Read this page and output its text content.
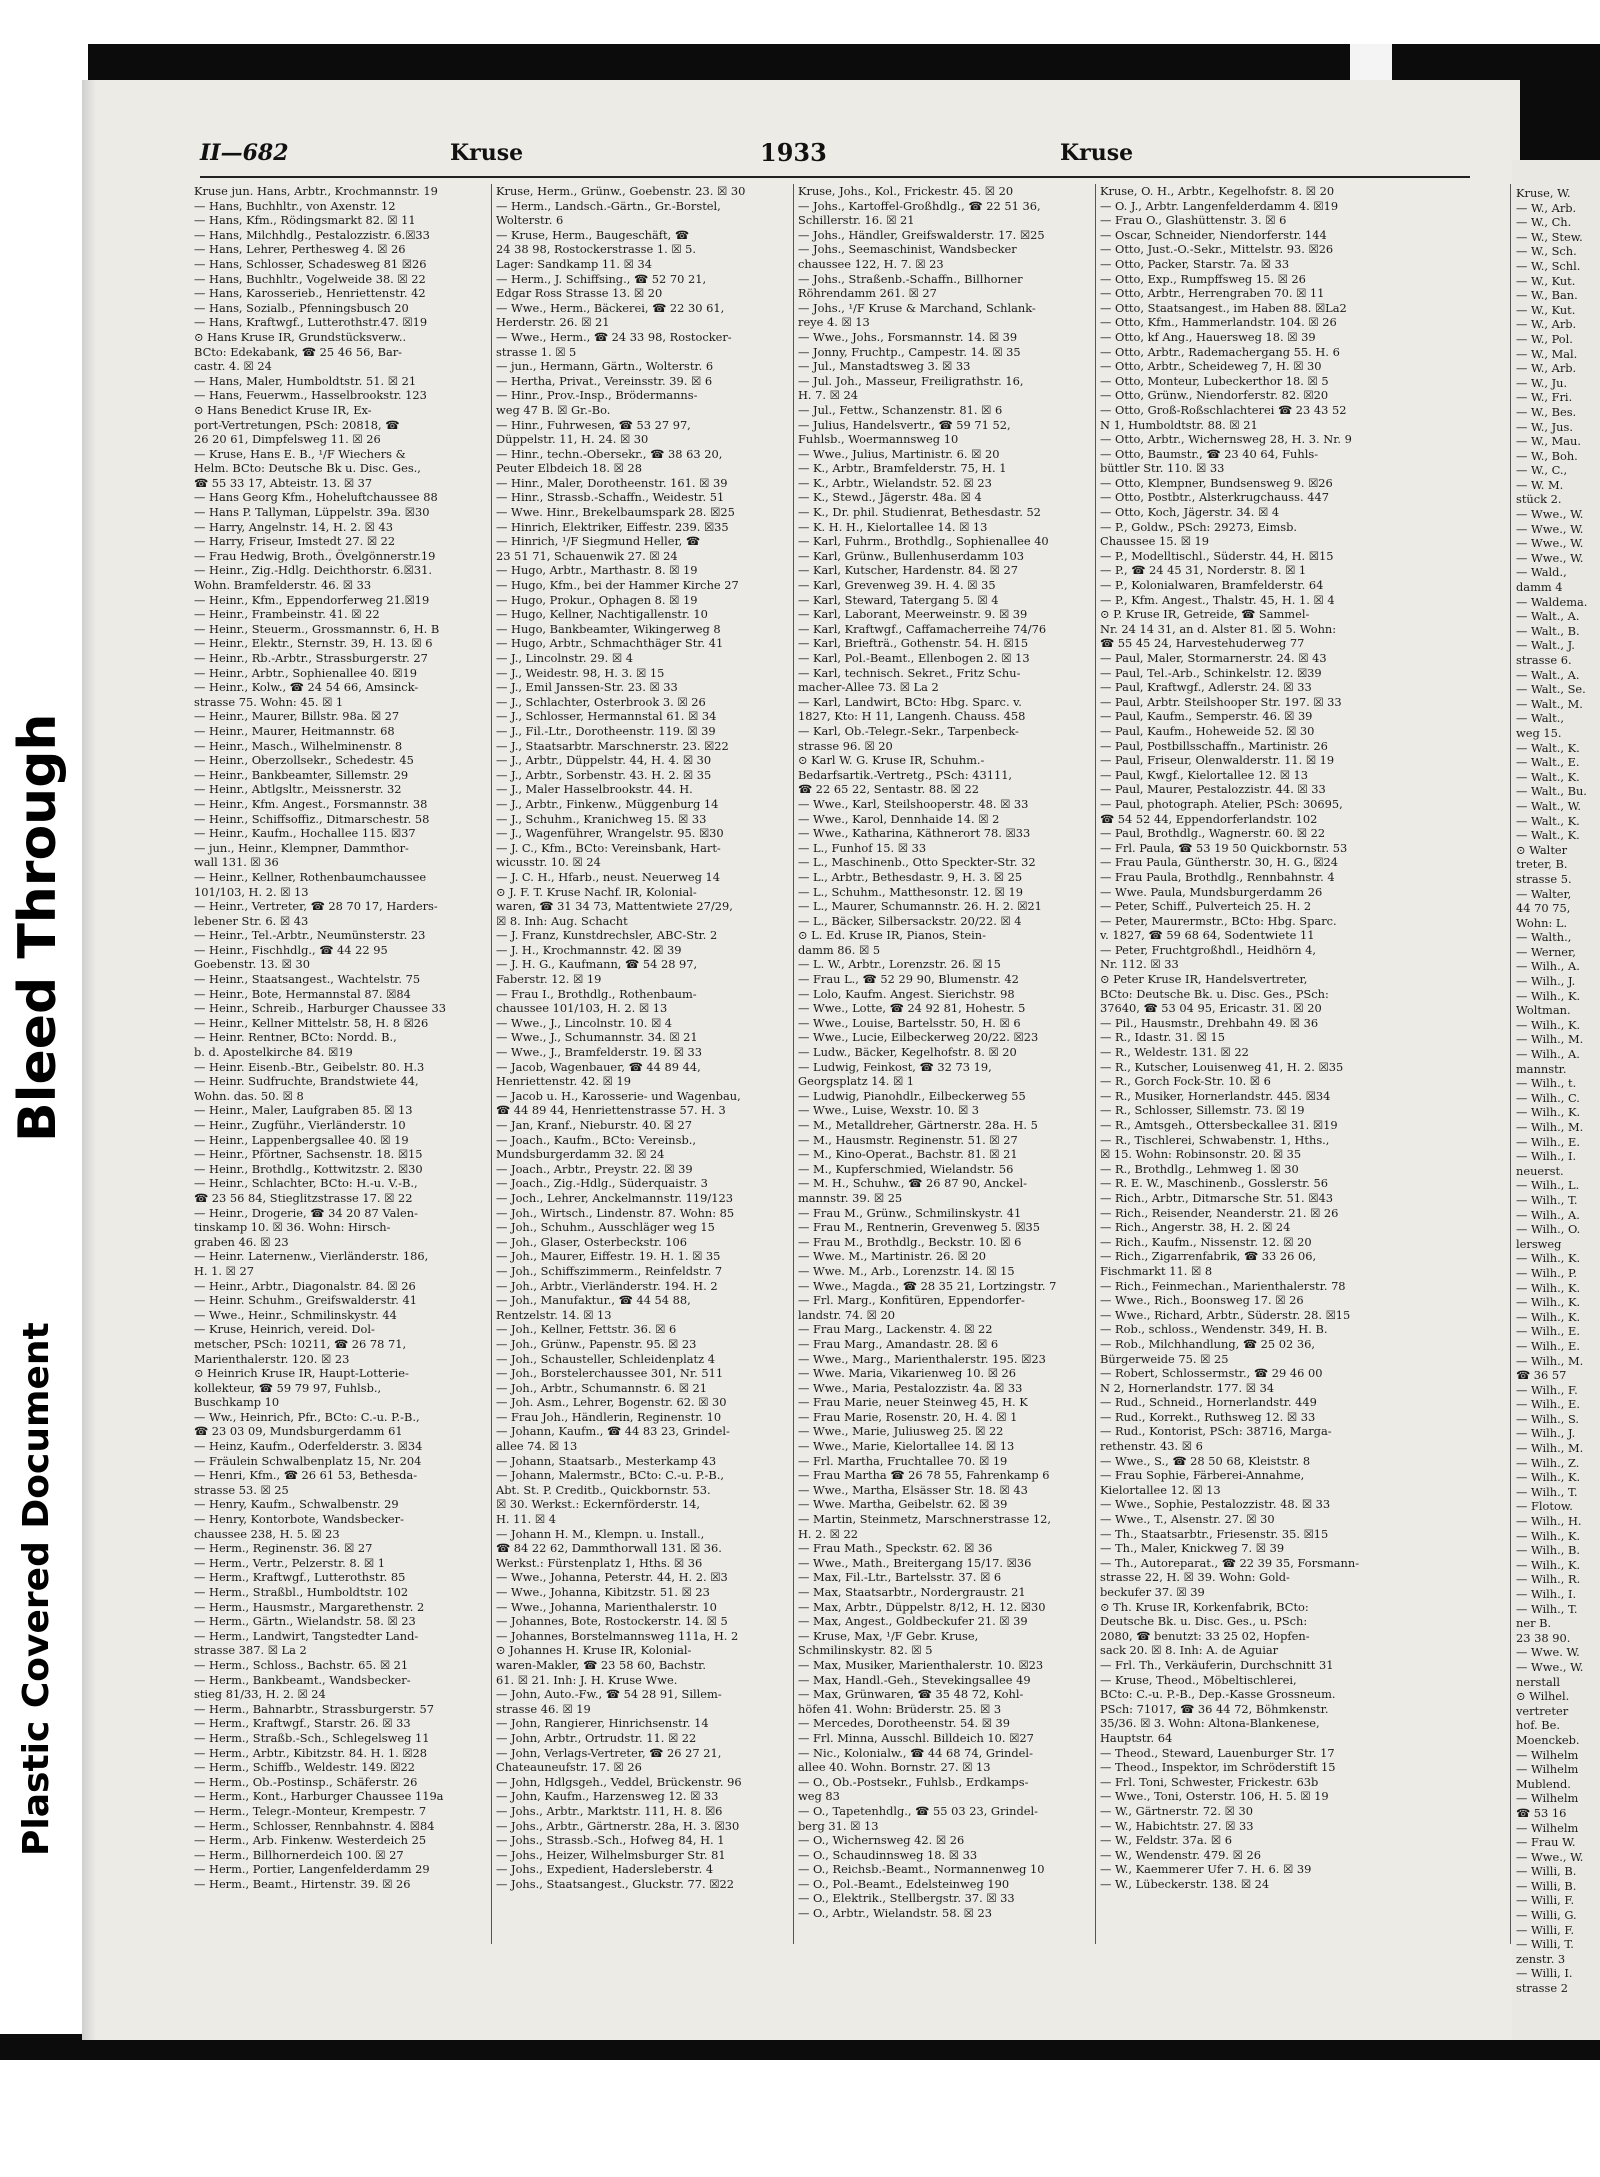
Bleed Through
Plastic Covered Document
II—682	Kruse	1933	Kruse
Kruse jun. Hans, Arbtr., Krochmannstr. 19
— Hans, Buchhltr., von Axenstr. 12
— Hans, Kfm., Rödingsmarkt 82. ☒ 11
— Hans, Milchhdlg., Pestalozzistr. 6.☒33
— Hans, Lehrer, Perthesweg 4. ☒ 26
— Hans, Schlosser, Schadesweg 81 ☒26
— Hans, Buchhltr., Vogelweide 38. ☒ 22
— Hans, Karosserieb., Henriettenstr. 42
— Hans, Sozialb., Pfenningsbusch 20
— Hans, Kraftwgf., Lutterothstr.47. ☒19
⊙ Hans Kruse IR, Grundstücksverw..
BCto: Edekabank, ☎ 25 46 56, Bar-
castr. 4. ☒ 24
— Hans, Maler, Humboldtstr. 51. ☒ 21
— Hans, Feuerwm., Hasselbrookstr. 123
⊙ Hans Benedict Kruse IR, Ex-
port-Vertretungen, PSch: 20818, ☎
26 20 61, Dimpfelsweg 11. ☒ 26
— Kruse, Hans E. B., ¹/F Wiechers &
Helm. BCto: Deutsche Bk u. Disc. Ges.,
☎ 55 33 17, Abteistr. 13. ☒ 37
— Hans Georg Kfm., Hoheluftchaussee 88
— Hans P. Tallyman, Lüppelstr. 39a. ☒30
— Harry, Angelnstr. 14, H. 2. ☒ 43
— Harry, Friseur, Imstedt 27. ☒ 22
— Frau Hedwig, Broth., Övelgönnerstr.19
— Heinr., Zig.-Hdlg. Deichthorstr. 6.☒31.
Wohn. Bramfelderstr. 46. ☒ 33
— Heinr., Kfm., Eppendorferweg 21.☒19
— Heinr., Frambeinstr. 41. ☒ 22
— Heinr., Steuerm., Grossmannstr. 6, H. B
— Heinr., Elektr., Sternstr. 39, H. 13. ☒ 6
— Heinr., Rb.-Arbtr., Strassburgerstr. 27
— Heinr., Arbtr., Sophienallee 40. ☒19
— Heinr., Kolw., ☎ 24 54 66, Amsinck-
strasse 75. Wohn: 45. ☒ 1
— Heinr., Maurer, Billstr. 98a. ☒ 27
— Heinr., Maurer, Heitmannstr. 68
— Heinr., Masch., Wilhelminenstr. 8
— Heinr., Oberzollsekr., Schedestr. 45
— Heinr., Bankbeamter, Sillemstr. 29
— Heinr., Abtlgsltr., Meissnerstr. 32
— Heinr., Kfm. Angest., Forsmannstr. 38
— Heinr., Schiffsoffiz., Ditmarschestr. 58
— Heinr., Kaufm., Hochallee 115. ☒37
— jun., Heinr., Klempner, Dammthor-
wall 131. ☒ 36
— Heinr., Kellner, Rothenbaumchaussee
101/103, H. 2. ☒ 13
— Heinr., Vertreter, ☎ 28 70 17, Harders-
lebener Str. 6. ☒ 43
— Heinr., Tel.-Arbtr., Neumünsterstr. 23
— Heinr., Fischhdlg., ☎ 44 22 95
Goebenstr. 13. ☒ 30
— Heinr., Staatsangest., Wachtelstr. 75
— Heinr., Bote, Hermannstal 87. ☒84
— Heinr., Schreib., Harburger Chaussee 33
— Heinr., Kellner Mittelstr. 58, H. 8 ☒26
— Heinr. Rentner, BCto: Nordd. B.,
b. d. Apostelkirche 84. ☒19
— Heinr. Eisenb.-Btr., Geibelstr. 80. H.3
— Heinr. Sudfruchte, Brandstwiete 44,
Wohn. das. 50. ☒ 8
— Heinr., Maler, Laufgraben 85. ☒ 13
— Heinr., Zugführ., Vierländerstr. 10
— Heinr., Lappenbergsallee 40. ☒ 19
— Heinr., Pförtner, Sachsenstr. 18. ☒15
— Heinr., Brothdlg., Kottwitzstr. 2. ☒30
— Heinr., Schlachter, BCto: H.-u. V.-B.,
☎ 23 56 84, Stieglitzstrasse 17. ☒ 22
— Heinr., Drogerie, ☎ 34 20 87 Valen-
tinskamp 10. ☒ 36. Wohn: Hirsch-
graben 46. ☒ 23
— Heinr. Laternenw., Vierländerstr. 186,
H. 1. ☒ 27
— Heinr., Arbtr., Diagonalstr. 84. ☒ 26
— Heinr. Schuhm., Greifswalderstr. 41
— Wwe., Heinr., Schmilinskystr. 44
— Kruse, Heinrich, vereid. Dol-
metscher, PSch: 10211, ☎ 26 78 71,
Marienthalerstr. 120. ☒ 23
⊙ Heinrich Kruse IR, Haupt-Lotterie-
kollekteur, ☎ 59 79 97, Fuhlsb.,
Buschkamp 10
— Ww., Heinrich, Pfr., BCto: C.-u. P.-B.,
☎ 23 03 09, Mundsburgerdamm 61
— Heinz, Kaufm., Oderfelderstr. 3. ☒34
— Fräulein Schwalbenplatz 15, Nr. 204
— Henri, Kfm., ☎ 26 61 53, Bethesda-
strasse 53. ☒ 25
— Henry, Kaufm., Schwalbenstr. 29
— Henry, Kontorbote, Wandsbecker-
chaussee 238, H. 5. ☒ 23
— Herm., Reginenstr. 36. ☒ 27
— Herm., Vertr., Pelzerstr. 8. ☒ 1
— Herm., Kraftwgf., Lutterothstr. 85
— Herm., Straßbl., Humboldtstr. 102
— Herm., Hausmstr., Margarethenstr. 2
— Herm., Gärtn., Wielandstr. 58. ☒ 23
— Herm., Landwirt, Tangstedter Land-
strasse 387. ☒ La 2
— Herm., Schloss., Bachstr. 65. ☒ 21
— Herm., Bankbeamt., Wandsbecker-
stieg 81/33, H. 2. ☒ 24
— Herm., Bahnarbtr., Strassburgerstr. 57
— Herm., Kraftwgf., Starstr. 26. ☒ 33
— Herm., Straßb.-Sch., Schlegelsweg 11
— Herm., Arbtr., Kibitzstr. 84. H. 1. ☒28
— Herm., Schiffb., Weldestr. 149. ☒22
— Herm., Ob.-Postinsp., Schäferstr. 26
— Herm., Kont., Harburger Chaussee 119a
— Herm., Telegr.-Monteur, Krempestr. 7
— Herm., Schlosser, Rennbahnstr. 4. ☒84
— Herm., Arb. Finkenw. Westerdeich 25
— Herm., Billhornerdeich 100. ☒ 27
— Herm., Portier, Langenfelderdamm 29
— Herm., Beamt., Hirtenstr. 39. ☒ 26
Kruse, Herm., Grünw., Goebenstr. 23. ☒ 30
— Herm., Landsch.-Gärtn., Gr.-Borstel,
Wolterstr. 6
— Kruse, Herm., Baugeschäft, ☎
24 38 98, Rostockerstrasse 1. ☒ 5.
Lager: Sandkamp 11. ☒ 34
— Herm., J. Schiffsing., ☎ 52 70 21,
Edgar Ross Strasse 13. ☒ 20
— Wwe., Herm., Bäckerei, ☎ 22 30 61,
Herderstr. 26. ☒ 21
— Wwe., Herm., ☎ 24 33 98, Rostocker-
strasse 1. ☒ 5
— jun., Hermann, Gärtn., Wolterstr. 6
— Hertha, Privat., Vereinsstr. 39. ☒ 6
— Hinr., Prov.-Insp., Brödermanns-
weg 47 B. ☒ Gr.-Bo.
— Hinr., Fuhrwesen, ☎ 53 27 97,
Düppelstr. 11, H. 24. ☒ 30
— Hinr., techn.-Obersekr., ☎ 38 63 20,
Peuter Elbdeich 18. ☒ 28
— Hinr., Maler, Dorotheenstr. 161. ☒ 39
— Hinr., Strassb.-Schaffn., Weidestr. 51
— Wwe. Hinr., Brekelbaumspark 28. ☒25
— Hinrich, Elektriker, Eiffestr. 239. ☒35
— Hinrich, ¹/F Siegmund Heller, ☎
23 51 71, Schauenwik 27. ☒ 24
— Hugo, Arbtr., Marthastr. 8. ☒ 19
— Hugo, Kfm., bei der Hammer Kirche 27
— Hugo, Prokur., Ophagen 8. ☒ 19
— Hugo, Kellner, Nachtigallenstr. 10
— Hugo, Bankbeamter, Wikingerweg 8
— Hugo, Arbtr., Schmachthäger Str. 41
— J., Lincolnstr. 29. ☒ 4
— J., Weidestr. 98, H. 3. ☒ 15
— J., Emil Janssen-Str. 23. ☒ 33
— J., Schlachter, Osterbrook 3. ☒ 26
— J., Schlosser, Hermannstal 61. ☒ 34
— J., Fil.-Ltr., Dorotheenstr. 119. ☒ 39
— J., Staatsarbtr. Marschnerstr. 23. ☒22
— J., Arbtr., Düppelstr. 44, H. 4. ☒ 30
— J., Arbtr., Sorbenstr. 43. H. 2. ☒ 35
— J., Maler Hasselbrookstr. 44. H.
— J., Arbtr., Finkenw., Müggenburg 14
— J., Schuhm., Kranichweg 15. ☒ 33
— J., Wagenführer, Wrangelstr. 95. ☒30
— J. C., Kfm., BCto: Vereinsbank, Hart-
wicusstr. 10. ☒ 24
— J. C. H., Hfarb., neust. Neuerweg 14
⊙ J. F. T. Kruse Nachf. IR, Kolonial-
waren, ☎ 31 34 73, Mattentwiete 27/29,
☒ 8. Inh: Aug. Schacht
— J. Franz, Kunstdrechsler, ABC-Str. 2
— J. H., Krochmannstr. 42. ☒ 39
— J. H. G., Kaufmann, ☎ 54 28 97,
Faberstr. 12. ☒ 19
— Frau I., Brothdlg., Rothenbaum-
chaussee 101/103, H. 2. ☒ 13
— Wwe., J., Lincolnstr. 10. ☒ 4
— Wwe., J., Schumannstr. 34. ☒ 21
— Wwe., J., Bramfelderstr. 19. ☒ 33
— Jacob, Wagenbauer, ☎ 44 89 44,
Henriettenstr. 42. ☒ 19
— Jacob u. H., Karosserie- und Wagenbau,
☎ 44 89 44, Henriettenstrasse 57. H. 3
— Jan, Kranf., Nieburstr. 40. ☒ 27
— Joach., Kaufm., BCto: Vereinsb.,
Mundsburgerdamm 32. ☒ 24
— Joach., Arbtr., Preystr. 22. ☒ 39
— Joach., Zig.-Hdlg., Süderquaistr. 3
— Joch., Lehrer, Anckelmannstr. 119/123
— Joh., Wirtsch., Lindenstr. 87. Wohn: 85
— Joh., Schuhm., Ausschläger weg 15
— Joh., Glaser, Osterbeckstr. 106
— Joh., Maurer, Eiffestr. 19. H. 1. ☒ 35
— Joh., Schiffszimmerm., Reinfeldstr. 7
— Joh., Arbtr., Vierländerstr. 194. H. 2
— Joh., Manufaktur., ☎ 44 54 88,
Rentzelstr. 14. ☒ 13
— Joh., Kellner, Fettstr. 36. ☒ 6
— Joh., Grünw., Papenstr. 95. ☒ 23
— Joh., Schausteller, Schleidenplatz 4
— Joh., Borstelerchaussee 301, Nr. 511
— Joh., Arbtr., Schumannstr. 6. ☒ 21
— Joh. Asm., Lehrer, Bogenstr. 62. ☒ 30
— Frau Joh., Händlerin, Reginenstr. 10
— Johann, Kaufm., ☎ 44 83 23, Grindel-
allee 74. ☒ 13
— Johann, Staatsarb., Mesterkamp 43
— Johann, Malermstr., BCto: C.-u. P.-B.,
Abt. St. P. Creditb., Quickbornstr. 53.
☒ 30. Werkst.: Eckernförderstr. 14,
H. 11. ☒ 4
— Johann H. M., Klempn. u. Install.,
☎ 84 22 62, Dammthorwall 131. ☒ 36.
Werkst.: Fürstenplatz 1, Hths. ☒ 36
— Wwe., Johanna, Peterstr. 44, H. 2. ☒3
— Wwe., Johanna, Kibitzstr. 51. ☒ 23
— Wwe., Johanna, Marienthalerstr. 10
— Johannes, Bote, Rostockerstr. 14. ☒ 5
— Johannes, Borstelmannsweg 111a, H. 2
⊙ Johannes H. Kruse IR, Kolonial-
waren-Makler, ☎ 23 58 60, Bachstr.
61. ☒ 21. Inh: J. H. Kruse Wwe.
— John, Auto.-Fw., ☎ 54 28 91, Sillem-
strasse 46. ☒ 19
— John, Rangierer, Hinrichsenstr. 14
— John, Arbtr., Ortrudstr. 11. ☒ 22
— John, Verlags-Vertreter, ☎ 26 27 21,
Chateauneufstr. 17. ☒ 26
— John, Hdlgsgeh., Veddel, Brückenstr. 96
— John, Kaufm., Harzensweg 12. ☒ 33
— Johs., Arbtr., Marktstr. 111, H. 8. ☒6
— Johs., Arbtr., Gärtnerstr. 28a, H. 3. ☒30
— Johs., Strassb.-Sch., Hofweg 84, H. 1
— Johs., Heizer, Wilhelmsburger Str. 81
— Johs., Expedient, Hadersleberstr. 4
— Johs., Staatsangest., Gluckstr. 77. ☒22
Kruse, Johs., Kol., Frickestr. 45. ☒ 20
— Johs., Kartoffel-Großhdlg., ☎ 22 51 36,
Schillerstr. 16. ☒ 21
— Johs., Händler, Greifswalderstr. 17. ☒25
— Johs., Seemaschinist, Wandsbecker
chaussee 122, H. 7. ☒ 23
— Johs., Straßenb.-Schaffn., Billhorner
Röhrendamm 261. ☒ 27
— Johs., ¹/F Kruse & Marchand, Schlank-
reye 4. ☒ 13
— Wwe., Johs., Forsmannstr. 14. ☒ 39
— Jonny, Fruchtp., Campestr. 14. ☒ 35
— Jul., Manstadtsweg 3. ☒ 33
— Jul. Joh., Masseur, Freiligrathstr. 16,
H. 7. ☒ 24
— Jul., Fettw., Schanzenstr. 81. ☒ 6
— Julius, Handelsvertr., ☎ 59 71 52,
Fuhlsb., Woermannsweg 10
— Wwe., Julius, Martinistr. 6. ☒ 20
— K., Arbtr., Bramfelderstr. 75, H. 1
— K., Arbtr., Wielandstr. 52. ☒ 23
— K., Stewd., Jägerstr. 48a. ☒ 4
— K., Dr. phil. Studienrat, Bethesdastr. 52
— K. H. H., Kielortallee 14. ☒ 13
— Karl, Fuhrm., Brothdlg., Sophienallee 40
— Karl, Grünw., Bullenhuserdamm 103
— Karl, Kutscher, Hardenstr. 84. ☒ 27
— Karl, Grevenweg 39. H. 4. ☒ 35
— Karl, Steward, Tatergang 5. ☒ 4
— Karl, Laborant, Meerweinstr. 9. ☒ 39
— Karl, Kraftwgf., Caffamacherreihe 74/76
— Karl, Briefträ., Gothenstr. 54. H. ☒15
— Karl, Pol.-Beamt., Ellenbogen 2. ☒ 13
— Karl, technisch. Sekret., Fritz Schu-
macher-Allee 73. ☒ La 2
— Karl, Landwirt, BCto: Hbg. Sparc. v.
1827, Kto: H 11, Langenh. Chauss. 458
— Karl, Ob.-Telegr.-Sekr., Tarpenbeck-
strasse 96. ☒ 20
⊙ Karl W. G. Kruse IR, Schuhm.-
Bedarfsartik.-Vertretg., PSch: 43111,
☎ 22 65 22, Sentastr. 88. ☒ 22
— Wwe., Karl, Steilshooperstr. 48. ☒ 33
— Wwe., Karol, Dennhaide 14. ☒ 2
— Wwe., Katharina, Käthnerort 78. ☒33
— L., Funhof 15. ☒ 33
— L., Maschinenb., Otto Speckter-Str. 32
— L., Arbtr., Bethesdastr. 9, H. 3. ☒ 25
— L., Schuhm., Matthesonstr. 12. ☒ 19
— L., Maurer, Schumannstr. 26. H. 2. ☒21
— L., Bäcker, Silbersackstr. 20/22. ☒ 4
⊙ L. Ed. Kruse IR, Pianos, Stein-
damm 86. ☒ 5
— L. W., Arbtr., Lorenzstr. 26. ☒ 15
— Frau L., ☎ 52 29 90, Blumenstr. 42
— Lolo, Kaufm. Angest. Sierichstr. 98
— Wwe., Lotte, ☎ 24 92 81, Hohestr. 5
— Wwe., Louise, Bartelsstr. 50, H. ☒ 6
— Wwe., Lucie, Eilbeckerweg 20/22. ☒23
— Ludw., Bäcker, Kegelhofstr. 8. ☒ 20
— Ludwig, Feinkost, ☎ 32 73 19,
Georgsplatz 14. ☒ 1
— Ludwig, Pianohdlr., Eilbeckerweg 55
— Wwe., Luise, Wexstr. 10. ☒ 3
— M., Metalldreher, Gärtnerstr. 28a. H. 5
— M., Hausmstr. Reginenstr. 51. ☒ 27
— M., Kino-Operat., Bachstr. 81. ☒ 21
— M., Kupferschmied, Wielandstr. 56
— M. H., Schuhw., ☎ 26 87 90, Anckel-
mannstr. 39. ☒ 25
— Frau M., Grünw., Schmilinskystr. 41
— Frau M., Rentnerin, Grevenweg 5. ☒35
— Frau M., Brothdlg., Beckstr. 10. ☒ 6
— Wwe. M., Martinistr. 26. ☒ 20
— Wwe. M., Arb., Lorenzstr. 14. ☒ 15
— Wwe., Magda., ☎ 28 35 21, Lortzingstr. 7
— Frl. Marg., Konfitüren, Eppendorfer-
landstr. 74. ☒ 20
— Frau Marg., Lackenstr. 4. ☒ 22
— Frau Marg., Amandastr. 28. ☒ 6
— Wwe., Marg., Marienthalerstr. 195. ☒23
— Wwe. Maria, Vikarienweg 10. ☒ 26
— Wwe., Maria, Pestalozzistr. 4a. ☒ 33
— Frau Marie, neuer Steinweg 45, H. K
— Frau Marie, Rosenstr. 20, H. 4. ☒ 1
— Wwe., Marie, Juliusweg 25. ☒ 22
— Wwe., Marie, Kielortallee 14. ☒ 13
— Frl. Martha, Fruchtallee 70. ☒ 19
— Frau Martha ☎ 26 78 55, Fahrenkamp 6
— Wwe., Martha, Elsässer Str. 18. ☒ 43
— Wwe. Martha, Geibelstr. 62. ☒ 39
— Martin, Steinmetz, Marschnerstrasse 12,
H. 2. ☒ 22
— Frau Math., Speckstr. 62. ☒ 36
— Wwe., Math., Breitergang 15/17. ☒36
— Max, Fil.-Ltr., Bartelsstr. 37. ☒ 6
— Max, Staatsarbtr., Nordergraustr. 21
— Max, Arbtr., Düppelstr. 8/12, H. 12. ☒30
— Max, Angest., Goldbeckufer 21. ☒ 39
— Kruse, Max, ¹/F Gebr. Kruse,
Schmilinskystr. 82. ☒ 5
— Max, Musiker, Marienthalerstr. 10. ☒23
— Max, Handl.-Geh., Stevekingsallee 49
— Max, Grünwaren, ☎ 35 48 72, Kohl-
höfen 41. Wohn: Brüderstr. 25. ☒ 3
— Mercedes, Dorotheenstr. 54. ☒ 39
— Frl. Minna, Ausschl. Billdeich 10. ☒27
— Nic., Kolonialw., ☎ 44 68 74, Grindel-
allee 40. Wohn. Bornstr. 27. ☒ 13
— O., Ob.-Postsekr., Fuhlsb., Erdkamps-
weg 83
— O., Tapetenhdlg., ☎ 55 03 23, Grindel-
berg 31. ☒ 13
— O., Wichernsweg 42. ☒ 26
— O., Schaudinnsweg 18. ☒ 33
— O., Reichsb.-Beamt., Normannenweg 10
— O., Pol.-Beamt., Edelsteinweg 190
— O., Elektrik., Stellbergstr. 37. ☒ 33
— O., Arbtr., Wielandstr. 58. ☒ 23
Kruse, O. H., Arbtr., Kegelhofstr. 8. ☒ 20
— O. J., Arbtr. Langenfelderdamm 4. ☒19
— Frau O., Glashüttenstr. 3. ☒ 6
— Oscar, Schneider, Niendorferstr. 144
— Otto, Just.-O.-Sekr., Mittelstr. 93. ☒26
— Otto, Packer, Starstr. 7a. ☒ 33
— Otto, Exp., Rumpffsweg 15. ☒ 26
— Otto, Arbtr., Herrengraben 70. ☒ 11
— Otto, Staatsangest., im Haben 88. ☒La2
— Otto, Kfm., Hammerlandstr. 104. ☒ 26
— Otto, kf Ang., Hauersweg 18. ☒ 39
— Otto, Arbtr., Rademachergang 55. H. 6
— Otto, Arbtr., Scheideweg 7, H. ☒ 30
— Otto, Monteur, Lubeckerthor 18. ☒ 5
— Otto, Grünw., Niendorferstr. 82. ☒20
— Otto, Groß-Roßschlachterei ☎ 23 43 52
N 1, Humboldtstr. 88. ☒ 21
— Otto, Arbtr., Wichernsweg 28, H. 3. Nr. 9
— Otto, Baumstr., ☎ 23 40 64, Fuhls-
büttler Str. 110. ☒ 33
— Otto, Klempner, Bundsensweg 9. ☒26
— Otto, Postbtr., Alsterkrugchauss. 447
— Otto, Koch, Jägerstr. 34. ☒ 4
— P., Goldw., PSch: 29273, Eimsb.
Chaussee 15. ☒ 19
— P., Modelltischl., Süderstr. 44, H. ☒15
— P., ☎ 24 45 31, Norderstr. 8. ☒ 1
— P., Kolonialwaren, Bramfelderstr. 64
— P., Kfm. Angest., Thalstr. 45, H. 1. ☒ 4
⊙ P. Kruse IR, Getreide, ☎ Sammel-
Nr. 24 14 31, an d. Alster 81. ☒ 5. Wohn:
☎ 55 45 24, Harvestehuderweg 77
— Paul, Maler, Stormarnerstr. 24. ☒ 43
— Paul, Tel.-Arb., Schinkelstr. 12. ☒39
— Paul, Kraftwgf., Adlerstr. 24. ☒ 33
— Paul, Arbtr. Steilshooper Str. 197. ☒ 33
— Paul, Kaufm., Semperstr. 46. ☒ 39
— Paul, Kaufm., Hoheweide 52. ☒ 30
— Paul, Postbillsschaffn., Martinistr. 26
— Paul, Friseur, Olenwalderstr. 11. ☒ 19
— Paul, Kwgf., Kielortallee 12. ☒ 13
— Paul, Maurer, Pestalozzistr. 44. ☒ 33
— Paul, photograph. Atelier, PSch: 30695,
☎ 54 52 44, Eppendorferlandstr. 102
— Paul, Brothdlg., Wagnerstr. 60. ☒ 22
— Frl. Paula, ☎ 53 19 50 Quickbornstr. 53
— Frau Paula, Güntherstr. 30, H. G., ☒24
— Frau Paula, Brothdlg., Rennbahnstr. 4
— Wwe. Paula, Mundsburgerdamm 26
— Peter, Schiff., Pulverteich 25. H. 2
— Peter, Maurermstr., BCto: Hbg. Sparc.
v. 1827, ☎ 59 68 64, Sodentwiete 11
— Peter, Fruchtgroßhdl., Heidhörn 4,
Nr. 112. ☒ 33
⊙ Peter Kruse IR, Handelsvertreter,
BCto: Deutsche Bk. u. Disc. Ges., PSch:
37640, ☎ 53 04 95, Ericastr. 31. ☒ 20
— Pil., Hausmstr., Drehbahn 49. ☒ 36
— R., Idastr. 31. ☒ 15
— R., Weldestr. 131. ☒ 22
— R., Kutscher, Louisenweg 41, H. 2. ☒35
— R., Gorch Fock-Str. 10. ☒ 6
— R., Musiker, Hornerlandstr. 445. ☒34
— R., Schlosser, Sillemstr. 73. ☒ 19
— R., Amtsgeh., Ottersbeckallee 31. ☒19
— R., Tischlerei, Schwabenstr. 1, Hths.,
☒ 15. Wohn: Robinsonstr. 20. ☒ 35
— R., Brothdlg., Lehmweg 1. ☒ 30
— R. E. W., Maschinenb., Gosslerstr. 56
— Rich., Arbtr., Ditmarsche Str. 51. ☒43
— Rich., Reisender, Neanderstr. 21. ☒ 26
— Rich., Angerstr. 38, H. 2. ☒ 24
— Rich., Kaufm., Nissenstr. 12. ☒ 20
— Rich., Zigarrenfabrik, ☎ 33 26 06,
Fischmarkt 11. ☒ 8
— Rich., Feinmechan., Marienthalerstr. 78
— Wwe., Rich., Boonsweg 17. ☒ 26
— Wwe., Richard, Arbtr., Süderstr. 28. ☒15
— Rob., schloss., Wendenstr. 349, H. B.
— Rob., Milchhandlung, ☎ 25 02 36,
Bürgerweide 75. ☒ 25
— Robert, Schlossermstr., ☎ 29 46 00
N 2, Hornerlandstr. 177. ☒ 34
— Rud., Schneid., Hornerlandstr. 449
— Rud., Korrekt., Ruthsweg 12. ☒ 33
— Rud., Kontorist, PSch: 38716, Marga-
rethenstr. 43. ☒ 6
— Wwe., S., ☎ 28 50 68, Kleiststr. 8
— Frau Sophie, Färberei-Annahme,
Kielortallee 12. ☒ 13
— Wwe., Sophie, Pestalozzistr. 48. ☒ 33
— Wwe., T., Alsenstr. 27. ☒ 30
— Th., Staatsarbtr., Friesenstr. 35. ☒15
— Th., Maler, Knickweg 7. ☒ 39
— Th., Autoreparat., ☎ 22 39 35, Forsmann-
strasse 22, H. ☒ 39. Wohn: Gold-
beckufer 37. ☒ 39
⊙ Th. Kruse IR, Korkenfabrik, BCto:
Deutsche Bk. u. Disc. Ges., u. PSch:
2080, ☎ benutzt: 33 25 02, Hopfen-
sack 20. ☒ 8. Inh: A. de Aguiar
— Frl. Th., Verkäuferin, Durchschnitt 31
— Kruse, Theod., Möbeltischlerei,
BCto: C.-u. P.-B., Dep.-Kasse Grossneum.
PSch: 71017, ☎ 36 44 72, Böhmkenstr.
35/36. ☒ 3. Wohn: Altona-Blankenese,
Hauptstr. 64
— Theod., Steward, Lauenburger Str. 17
— Theod., Inspektor, im Schröderstift 15
— Frl. Toni, Schwester, Frickestr. 63b
— Wwe., Toni, Osterstr. 106, H. 5. ☒ 19
— W., Gärtnerstr. 72. ☒ 30
— W., Habichtstr. 27. ☒ 33
— W., Feldstr. 37a. ☒ 6
— W., Wendenstr. 479. ☒ 26
— W., Kaemmerer Ufer 7. H. 6. ☒ 39
— W., Lübeckerstr. 138. ☒ 24
Kruse, W.
— W., Arb.
— W., Ch.
— W., Stew.
— W., Sch.
— W., Schl.
— W., Kut.
— W., Ban.
— W., Kut.
— W., Arb.
— W., Pol.
— W., Mal.
— W., Arb.
— W., Ju.
— W., Fri.
— W., Bes.
— W., Jus.
— W., Mau.
— W., Boh.
— W., C.,
— W. M.
stück 2.
— Wwe., W.
— Wwe., W.
— Wwe., W.
— Wwe., W.
— Wald.,
damm 4
— Waldema.
— Walt., A.
— Walt., B.
— Walt., J.
strasse 6.
— Walt., A.
— Walt., Se.
— Walt., M.
— Walt.,
weg 15.
— Walt., K.
— Walt., E.
— Walt., K.
— Walt., Bu.
— Walt., W.
— Walt., K.
— Walt., K.
⊙ Walter
treter, B.
strasse 5.
— Walter,
44 70 75,
Wohn: L.
— Walth.,
— Werner,
— Wilh., A.
— Wilh., J.
— Wilh., K.
Woltman.
— Wilh., K.
— Wilh., M.
— Wilh., A.
mannstr.
— Wilh., t.
— Wilh., C.
— Wilh., K.
— Wilh., M.
— Wilh., E.
— Wilh., I.
neuerst.
— Wilh., L.
— Wilh., T.
— Wilh., A.
— Wilh., O.
lersweg
— Wilh., K.
— Wilh., P.
— Wilh., K.
— Wilh., K.
— Wilh., K.
— Wilh., E.
— Wilh., E.
— Wilh., M.
☎ 36 57
— Wilh., F.
— Wilh., E.
— Wilh., S.
— Wilh., J.
— Wilh., M.
— Wilh., Z.
— Wilh., K.
— Wilh., T.
— Flotow.
— Wilh., H.
— Wilh., K.
— Wilh., B.
— Wilh., K.
— Wilh., R.
— Wilh., I.
— Wilh., T.
ner B.
23 38 90.
— Wwe. W.
— Wwe., W.
nerstall
⊙ Wilhel.
vertreter
hof. Be.
Moenckeb.
— Wilhelm
— Wilhelm
Mublend.
— Wilhelm
☎ 53 16
— Wilhelm
— Frau W.
— Wwe., W.
— Willi, B.
— Willi, B.
— Willi, F.
— Willi, G.
— Willi, F.
— Willi, T.
zenstr. 3
— Willi, I.
strasse 2
